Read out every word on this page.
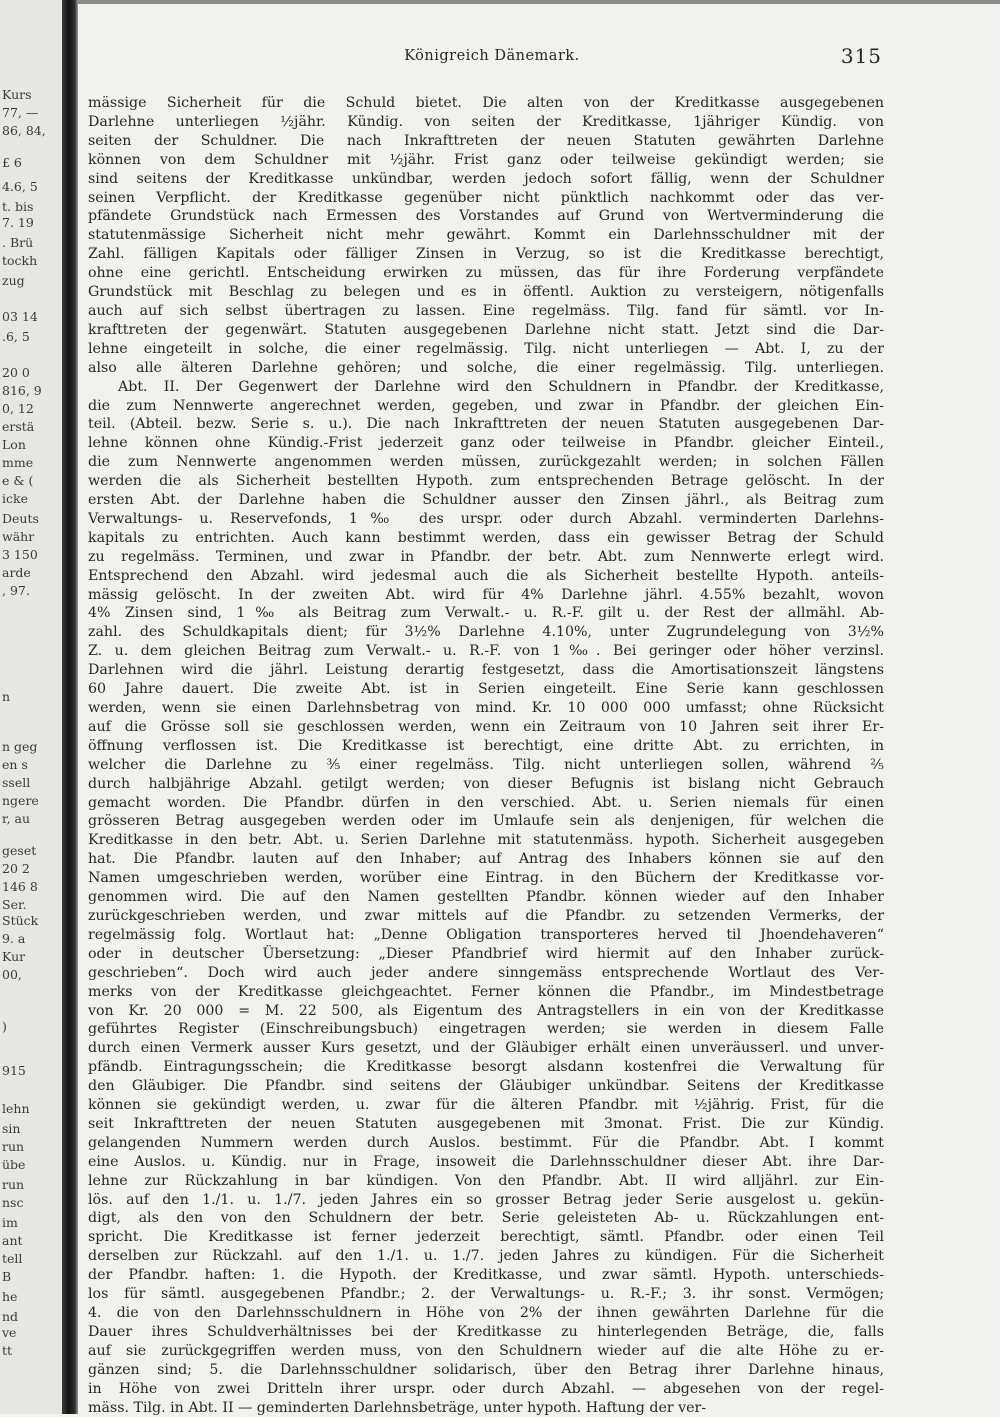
Kurs
77, —
86, 84,
£ 6
4.6, 5
t. bis
7. 19
. Brü
tockh
zug
03 14
.6, 5
20 0
816, 9
0, 12
erstä
Lon
mme
e & (
icke
Deuts
währ
3 150
arde
, 97.
n
n geg
en s
ssell
ngere
r, au
geset
20 2
146 8
Ser.
Stück
9. a
Kur
00,
)
915
lehn
sin
run
übe
run
nsc
im
ant
tell
B
he
nd
ve
tt
Königreich Dänemark.	315
mässige Sicherheit für die Schuld bietet. Die alten von der Kreditkasse ausgegebenen
Darlehne unterliegen ½jähr. Kündig. von seiten der Kreditkasse, 1jähriger Kündig. von
seiten der Schuldner. Die nach Inkrafttreten der neuen Statuten gewährten Darlehne
können von dem Schuldner mit ½jähr. Frist ganz oder teilweise gekündigt werden; sie
sind seitens der Kreditkasse unkündbar, werden jedoch sofort fällig, wenn der Schuldner
seinen Verpflicht. der Kreditkasse gegenüber nicht pünktlich nachkommt oder das ver-
pfändete Grundstück nach Ermessen des Vorstandes auf Grund von Wertverminderung die
statutenmässige Sicherheit nicht mehr gewährt. Kommt ein Darlehnsschuldner mit der
Zahl. fälligen Kapitals oder fälliger Zinsen in Verzug, so ist die Kreditkasse berechtigt,
ohne eine gerichtl. Entscheidung erwirken zu müssen, das für ihre Forderung verpfändete
Grundstück mit Beschlag zu belegen und es in öffentl. Auktion zu versteigern, nötigenfalls
auch auf sich selbst übertragen zu lassen. Eine regelmäss. Tilg. fand für sämtl. vor In-
krafttreten der gegenwärt. Statuten ausgegebenen Darlehne nicht statt. Jetzt sind die Dar-
lehne eingeteilt in solche, die einer regelmässig. Tilg. nicht unterliegen — Abt. I, zu der
also alle älteren Darlehne gehören; und solche, die einer regelmässig. Tilg. unterliegen.
Abt. II. Der Gegenwert der Darlehne wird den Schuldnern in Pfandbr. der Kreditkasse,
die zum Nennwerte angerechnet werden, gegeben, und zwar in Pfandbr. der gleichen Ein-
teil. (Abteil. bezw. Serie s. u.). Die nach Inkrafttreten der neuen Statuten ausgegebenen Dar-
lehne können ohne Kündig.-Frist jederzeit ganz oder teilweise in Pfandbr. gleicher Einteil.,
die zum Nennwerte angenommen werden müssen, zurückgezahlt werden; in solchen Fällen
werden die als Sicherheit bestellten Hypoth. zum entsprechenden Betrage gelöscht. In der
ersten Abt. der Darlehne haben die Schuldner ausser den Zinsen jährl., als Beitrag zum
Verwaltungs- u. Reservefonds, 1‰ des urspr. oder durch Abzahl. verminderten Darlehns-
kapitals zu entrichten. Auch kann bestimmt werden, dass ein gewisser Betrag der Schuld
zu regelmäss. Terminen, und zwar in Pfandbr. der betr. Abt. zum Nennwerte erlegt wird.
Entsprechend den Abzahl. wird jedesmal auch die als Sicherheit bestellte Hypoth. anteils-
mässig gelöscht. In der zweiten Abt. wird für 4% Darlehne jährl. 4.55% bezahlt, wovon
4% Zinsen sind, 1‰ als Beitrag zum Verwalt.- u. R.-F. gilt u. der Rest der allmähl. Ab-
zahl. des Schuldkapitals dient; für 3½% Darlehne 4.10%, unter Zugrundelegung von 3½%
Z. u. dem gleichen Beitrag zum Verwalt.- u. R.-F. von 1‰. Bei geringer oder höher verzinsl.
Darlehnen wird die jährl. Leistung derartig festgesetzt, dass die Amortisationszeit längstens
60 Jahre dauert. Die zweite Abt. ist in Serien eingeteilt. Eine Serie kann geschlossen
werden, wenn sie einen Darlehnsbetrag von mind. Kr. 10 000 000 umfasst; ohne Rücksicht
auf die Grösse soll sie geschlossen werden, wenn ein Zeitraum von 10 Jahren seit ihrer Er-
öffnung verflossen ist. Die Kreditkasse ist berechtigt, eine dritte Abt. zu errichten, in
welcher die Darlehne zu ³⁄₅ einer regelmäss. Tilg. nicht unterliegen sollen, während ²⁄₅
durch halbjährige Abzahl. getilgt werden; von dieser Befugnis ist bislang nicht Gebrauch
gemacht worden. Die Pfandbr. dürfen in den verschied. Abt. u. Serien niemals für einen
grösseren Betrag ausgegeben werden oder im Umlaufe sein als denjenigen, für welchen die
Kreditkasse in den betr. Abt. u. Serien Darlehne mit statutenmäss. hypoth. Sicherheit ausgegeben
hat. Die Pfandbr. lauten auf den Inhaber; auf Antrag des Inhabers können sie auf den
Namen umgeschrieben werden, worüber eine Eintrag. in den Büchern der Kreditkasse vor-
genommen wird. Die auf den Namen gestellten Pfandbr. können wieder auf den Inhaber
zurückgeschrieben werden, und zwar mittels auf die Pfandbr. zu setzenden Vermerks, der
regelmässig folg. Wortlaut hat: „Denne Obligation transporteres herved til Jhoendehaveren“
oder in deutscher Übersetzung: „Dieser Pfandbrief wird hiermit auf den Inhaber zurück-
geschrieben“. Doch wird auch jeder andere sinngemäss entsprechende Wortlaut des Ver-
merks von der Kreditkasse gleichgeachtet. Ferner können die Pfandbr., im Mindestbetrage
von Kr. 20 000 = M. 22 500, als Eigentum des Antragstellers in ein von der Kreditkasse
geführtes Register (Einschreibungsbuch) eingetragen werden; sie werden in diesem Falle
durch einen Vermerk ausser Kurs gesetzt, und der Gläubiger erhält einen unveräusserl. und unver-
pfändb. Eintragungsschein; die Kreditkasse besorgt alsdann kostenfrei die Verwaltung für
den Gläubiger. Die Pfandbr. sind seitens der Gläubiger unkündbar. Seitens der Kreditkasse
können sie gekündigt werden, u. zwar für die älteren Pfandbr. mit ½jährig. Frist, für die
seit Inkrafttreten der neuen Statuten ausgegebenen mit 3monat. Frist. Die zur Kündig.
gelangenden Nummern werden durch Auslos. bestimmt. Für die Pfandbr. Abt. I kommt
eine Auslos. u. Kündig. nur in Frage, insoweit die Darlehnsschuldner dieser Abt. ihre Dar-
lehne zur Rückzahlung in bar kündigen. Von den Pfandbr. Abt. II wird alljährl. zur Ein-
lös. auf den 1./1. u. 1./7. jeden Jahres ein so grosser Betrag jeder Serie ausgelost u. gekün-
digt, als den von den Schuldnern der betr. Serie geleisteten Ab- u. Rückzahlungen ent-
spricht. Die Kreditkasse ist ferner jederzeit berechtigt, sämtl. Pfandbr. oder einen Teil
derselben zur Rückzahl. auf den 1./1. u. 1./7. jeden Jahres zu kündigen. Für die Sicherheit
der Pfandbr. haften: 1. die Hypoth. der Kreditkasse, und zwar sämtl. Hypoth. unterschieds-
los für sämtl. ausgegebenen Pfandbr.; 2. der Verwaltungs- u. R.-F.; 3. ihr sonst. Vermögen;
4. die von den Darlehnsschuldnern in Höhe von 2% der ihnen gewährten Darlehne für die
Dauer ihres Schuldverhältnisses bei der Kreditkasse zu hinterlegenden Beträge, die, falls
auf sie zurückgegriffen werden muss, von den Schuldnern wieder auf die alte Höhe zu er-
gänzen sind; 5. die Darlehnsschuldner solidarisch, über den Betrag ihrer Darlehne hinaus,
in Höhe von zwei Dritteln ihrer urspr. oder durch Abzahl. — abgesehen von der regel-
mäss. Tilg. in Abt. II — geminderten Darlehnsbeträge, unter hypoth. Haftung der ver-
